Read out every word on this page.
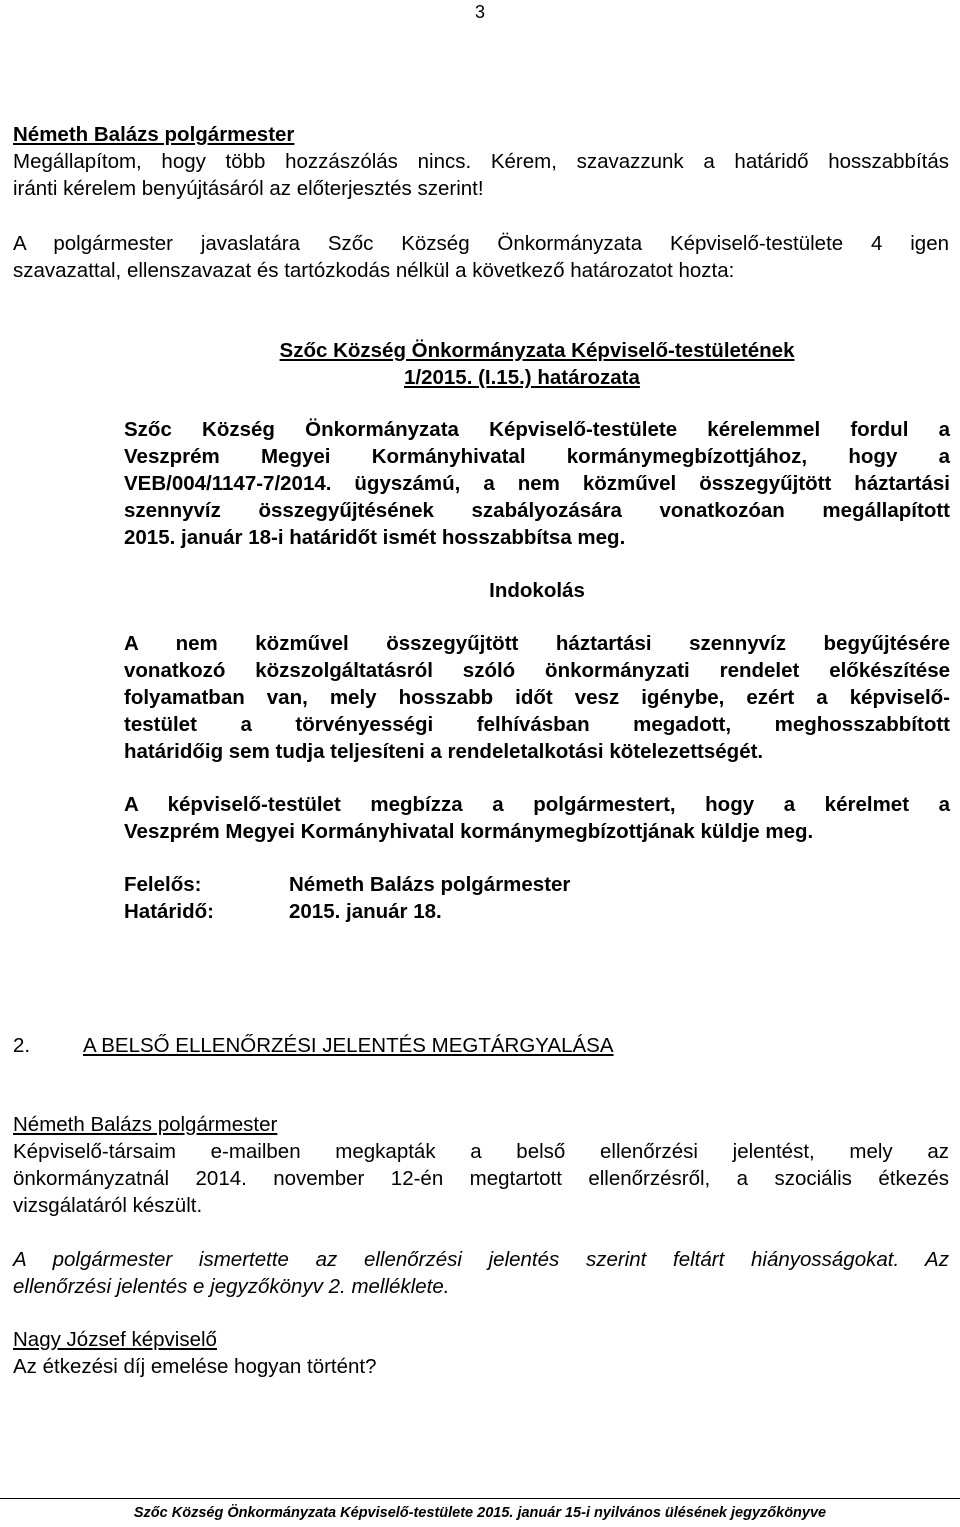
3
Németh Balázs polgármester
Megállapítom, hogy több hozzászólás nincs. Kérem, szavazzunk a határidő hosszabbítás
iránti kérelem benyújtásáról az előterjesztés szerint!
A polgármester javaslatára Szőc Község Önkormányzata Képviselő-testülete 4 igen
szavazattal, ellenszavazat és tartózkodás nélkül a következő határozatot hozta:
Szőc Község Önkormányzata Képviselő-testületének
1/2015. (I.15.) határozata
Szőc Község Önkormányzata Képviselő-testülete kérelemmel fordul a
Veszprém Megyei Kormányhivatal kormánymegbízottjához, hogy a
VEB/004/1147-7/2014. ügyszámú, a nem közművel összegyűjtött háztartási
szennyvíz összegyűjtésének szabályozására vonatkozóan megállapított
2015. január 18-i határidőt ismét hosszabbítsa meg.
Indokolás
A nem közművel összegyűjtött háztartási szennyvíz begyűjtésére
vonatkozó közszolgáltatásról szóló önkormányzati rendelet előkészítése
folyamatban van, mely hosszabb időt vesz igénybe, ezért a képviselő-
testület a törvényességi felhívásban megadott, meghosszabbított
határidőig sem tudja teljesíteni a rendeletalkotási kötelezettségét.
A képviselő-testület megbízza a polgármestert, hogy a kérelmet a
Veszprém Megyei Kormányhivatal kormánymegbízottjának küldje meg.
Felelős:	Németh Balázs polgármester
Határidő:	2015. január 18.
2.	A BELSŐ ELLENŐRZÉSI JELENTÉS MEGTÁRGYALÁSA
Németh Balázs polgármester
Képviselő-társaim e-mailben megkapták a belső ellenőrzési jelentést, mely az
önkormányzatnál 2014. november 12-én megtartott ellenőrzésről, a szociális étkezés
vizsgálatáról készült.
A polgármester ismertette az ellenőrzési jelentés szerint feltárt hiányosságokat. Az
ellenőrzési jelentés e jegyzőkönyv 2. melléklete.
Nagy József képviselő
Az étkezési díj emelése hogyan történt?
Szőc Község Önkormányzata Képviselő-testülete 2015. január 15-i nyilvános ülésének jegyzőkönyve
